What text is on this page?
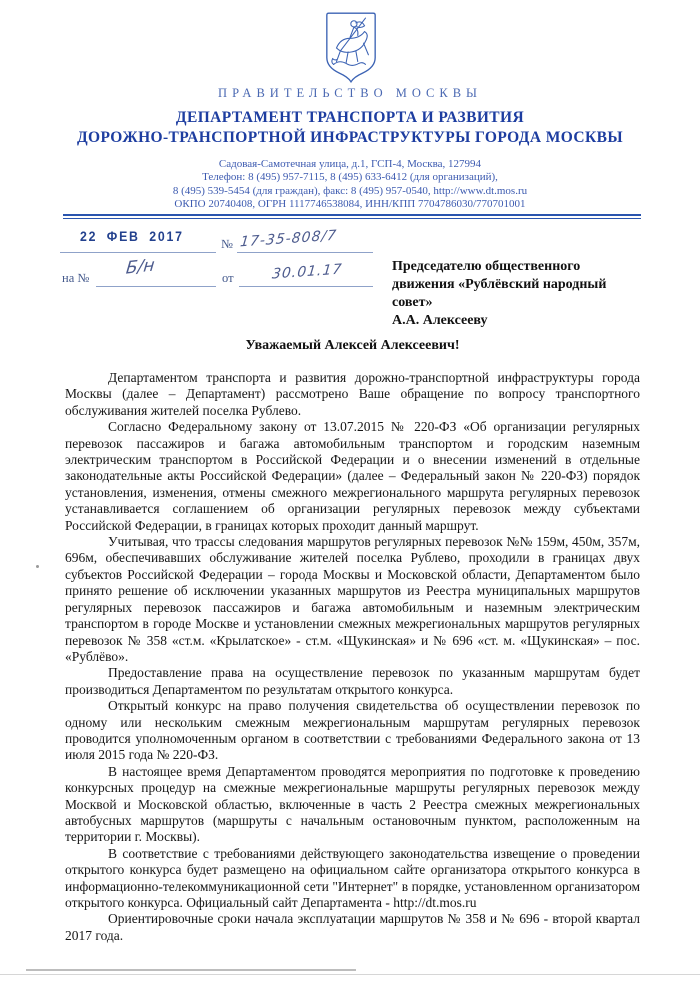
ПРАВИТЕЛЬСТВО МОСКВЫ
ДЕПАРТАМЕНТ ТРАНСПОРТА И РАЗВИТИЯ
ДОРОЖНО-ТРАНСПОРТНОЙ ИНФРАСТРУКТУРЫ ГОРОДА МОСКВЫ
Садовая-Самотечная улица, д.1, ГСП-4, Москва, 127994
Телефон: 8 (495) 957-7115, 8 (495) 633-6412 (для организаций),
8 (495) 539-5454 (для граждан), факс: 8 (495) 957-0540, http://www.dt.mos.ru
ОКПО 20740408, ОГРН 1117746538084, ИНН/КПП 7704786030/770701001
22 ФЕВ 2017	№ 17-35-808/7
на № Б/н	от	30.01.17	Председателю общественного
движения «Рублёвский народный
совет»
А.А. Алексееву
Уважаемый Алексей Алексеевич!

Департаментом транспорта и развития дорожно-транспортной инфраструктуры города Москвы (далее – Департамент) рассмотрено Ваше обращение по вопросу транспортного обслуживания жителей поселка Рублево.

Согласно Федеральному закону от 13.07.2015 № 220-ФЗ «Об организации регулярных перевозок пассажиров и багажа автомобильным транспортом и городским наземным электрическим транспортом в Российской Федерации и о внесении изменений в отдельные законодательные акты Российской Федерации» (далее – Федеральный закон № 220-ФЗ) порядок установления, изменения, отмены смежного межрегионального маршрута регулярных перевозок устанавливается соглашением об организации регулярных перевозок между субъектами Российской Федерации, в границах которых проходит данный маршрут.

Учитывая, что трассы следования маршрутов регулярных перевозок №№ 159м, 450м, 357м, 696м, обеспечивавших обслуживание жителей поселка Рублево, проходили в границах двух субъектов Российской Федерации – города Москвы и Московской области, Департаментом было принято решение об исключении указанных маршрутов из Реестра муниципальных маршрутов регулярных перевозок пассажиров и багажа автомобильным и наземным электрическим транспортом в городе Москве и установлении смежных межрегиональных маршрутов регулярных перевозок № 358 «ст.м. «Крылатское» - ст.м. «Щукинская» и № 696 «ст. м. «Щукинская» – пос. «Рублёво».

Предоставление права на осуществление перевозок по указанным маршрутам будет производиться Департаментом по результатам открытого конкурса.

Открытый конкурс на право получения свидетельства об осуществлении перевозок по одному или нескольким смежным межрегиональным маршрутам регулярных перевозок проводится уполномоченным органом в соответствии с требованиями Федерального закона от 13 июля 2015 года № 220-ФЗ.

В настоящее время Департаментом проводятся мероприятия по подготовке к проведению конкурсных процедур на смежные межрегиональные маршруты регулярных перевозок между Москвой и Московской областью, включенные в часть 2 Реестра смежных межрегиональных автобусных маршрутов (маршруты с начальным остановочным пунктом, расположенным на территории г. Москвы).

В соответствие с требованиями действующего законодательства извещение о проведении открытого конкурса будет размещено на официальном сайте организатора открытого конкурса в информационно-телекоммуникационной сети "Интернет" в порядке, установленном организатором открытого конкурса. Официальный сайт Департамента - http://dt.mos.ru

Ориентировочные сроки начала эксплуатации маршрутов № 358 и № 696 - второй квартал 2017 года.
